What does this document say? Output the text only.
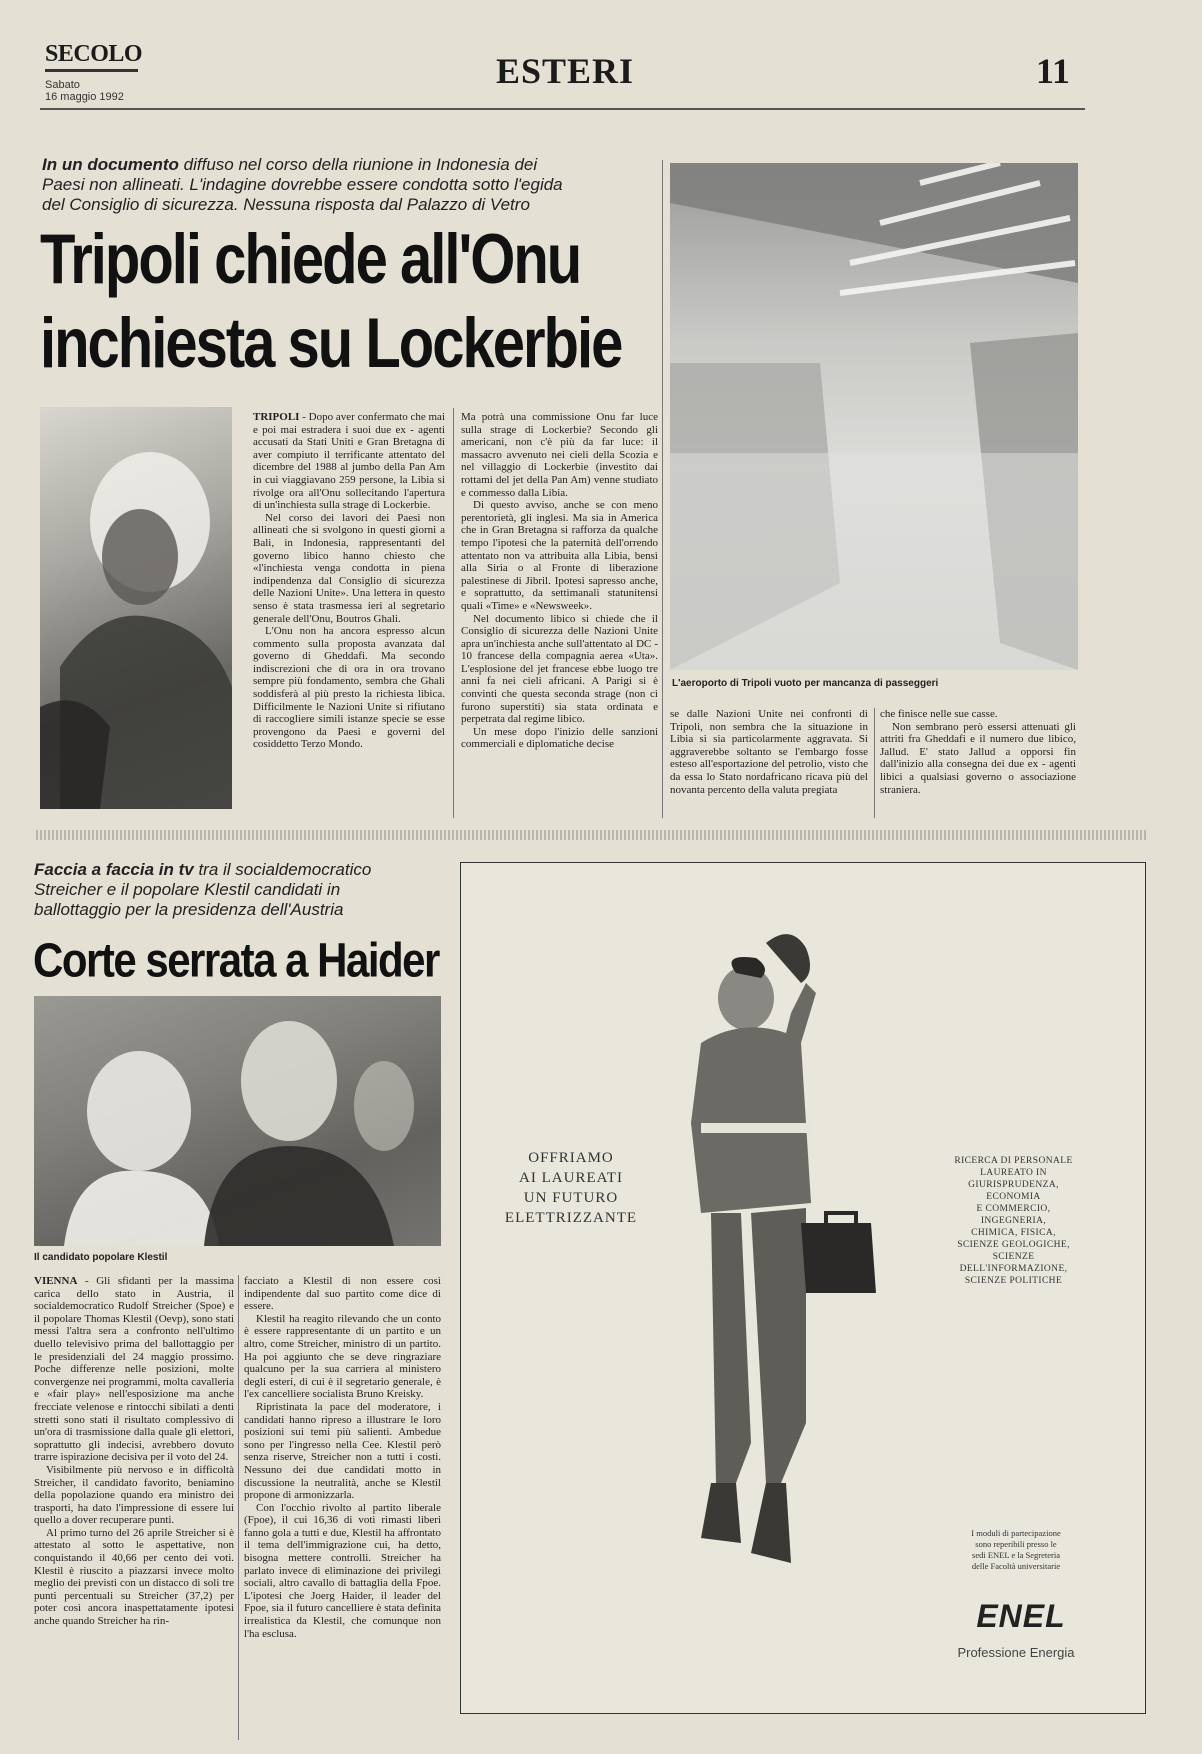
SECOLO
Sabato
16 maggio 1992
ESTERI	11
In un documento diffuso nel corso della riunione in Indonesia dei Paesi non allineati. L'indagine dovrebbe essere condotta sotto l'egida del Consiglio di sicurezza. Nessuna risposta dal Palazzo di Vetro
Tripoli chiede all'Onu
inchiesta su Lockerbie

TRIPOLI - Dopo aver confermato che mai e poi mai estradera i suoi due ex - agenti accusati da Stati Uniti e Gran Bretagna di aver compiuto il terrificante attentato del dicembre del 1988 al jumbo della Pan Am in cui viaggiavano 259 persone, la Libia si rivolge ora all'Onu sollecitando l'apertura di un'inchiesta sulla strage di Lockerbie.

Nel corso dei lavori dei Paesi non allineati che si svolgono in questi giorni a Bali, in Indonesia, rappresentanti del governo libico hanno chiesto che «l'inchiesta venga condotta in piena indipendenza dal Consiglio di sicurezza delle Nazioni Unite». Una lettera in questo senso è stata trasmessa ieri al segretario generale dell'Onu, Boutros Ghali.

L'Onu non ha ancora espresso alcun commento sulla proposta avanzata dal governo di Gheddafi. Ma secondo indiscrezioni che di ora in ora trovano sempre più fondamento, sembra che Ghali soddisferà al più presto la richiesta libica. Difficilmente le Nazioni Unite si rifiutano di raccogliere simili istanze specie se esse provengono da Paesi e governi del cosiddetto Terzo Mondo.

Ma potrà una commissione Onu far luce sulla strage di Lockerbie? Secondo gli americani, non c'è più da far luce: il massacro avvenuto nei cieli della Scozia e nel villaggio di Lockerbie (investito dai rottami del jet della Pan Am) venne studiato e commesso dalla Libia.

Di questo avviso, anche se con meno perentorietà, gli inglesi. Ma sia in America che in Gran Bretagna si rafforza da qualche tempo l'ipotesi che la paternità dell'orrendo attentato non va attribuita alla Libia, bensì alla Siria o al Fronte di liberazione palestinese di Jibril. Ipotesi sapresso anche, e soprattutto, da settimanali statunitensi quali «Time» e «Newsweek».

Nel documento libico si chiede che il Consiglio di sicurezza delle Nazioni Unite apra un'inchiesta anche sull'attentato al DC - 10 francese della compagnia aerea «Uta». L'esplosione del jet francese ebbe luogo tre anni fa nei cieli africani. A Parigi si è convinti che questa seconda strage (non ci furono superstiti) sia stata ordinata e perpetrata dal regime libico.

Un mese dopo l'inizio delle sanzioni commerciali e diplomatiche decise

L'aeroporto di Tripoli vuoto per mancanza di passeggeri

se dalle Nazioni Unite nei confronti di Tripoli, non sembra che la situazione in Libia si sia particolarmente aggravata. Si aggraverebbe soltanto se l'embargo fosse esteso all'esportazione del petrolio, visto che da essa lo Stato nordafricano ricava più del novanta percento della valuta pregiata

che finisce nelle sue casse.

Non sembrano però essersi attenuati gli attriti fra Gheddafi e il numero due libico, Jallud. E' stato Jallud a opporsi fin dall'inizio alla consegna dei due ex - agenti libici a qualsiasi governo o associazione straniera.

Faccia a faccia in tv tra il socialdemocratico Streicher e il popolare Klestil candidati in ballottaggio per la presidenza dell'Austria
Corte serrata a Haider
Il candidato popolare Klestil

VIENNA - Gli sfidanti per la massima carica dello stato in Austria, il socialdemocratico Rudolf Streicher (Spoe) e il popolare Thomas Klestil (Oevp), sono stati messi l'altra sera a confronto nell'ultimo duello televisivo prima del ballottaggio per le presidenziali del 24 maggio prossimo. Poche differenze nelle posizioni, molte convergenze nei programmi, molta cavalleria e «fair play» nell'esposizione ma anche frecciate velenose e rintocchi sibilati a denti stretti sono stati il risultato complessivo di un'ora di trasmissione dalla quale gli elettori, soprattutto gli indecisi, avrebbero dovuto trarre ispirazione decisiva per il voto del 24.

Visibilmente più nervoso e in difficoltà Streicher, il candidato favorito, beniamino della popolazione quando era ministro dei trasporti, ha dato l'impressione di essere lui quello a dover recuperare punti.

Al primo turno del 26 aprile Streicher si è attestato al sotto le aspettative, non conquistando il 40,66 per cento dei voti. Klestil è riuscito a piazzarsi invece molto meglio dei previsti con un distacco di soli tre punti percentuali su Streicher (37,2) per poter così ancora inaspettatamente ipotesi anche quando Streicher ha rin-

facciato a Klestil di non essere così indipendente dal suo partito come dice di essere.

Klestil ha reagito rilevando che un conto è essere rappresentante di un partito e un altro, come Streicher, ministro di un partito. Ha poi aggiunto che se deve ringraziare qualcuno per la sua carriera al ministero degli esteri, di cui è il segretario generale, è l'ex cancelliere socialista Bruno Kreisky.

Ripristinata la pace del moderatore, i candidati hanno ripreso a illustrare le loro posizioni sui temi più salienti. Ambedue sono per l'ingresso nella Cee. Klestil però senza riserve, Streicher non a tutti i costi. Nessuno dei due candidati motto in discussione la neutralità, anche se Klestil propone di armonizzarla.

Con l'occhio rivolto al partito liberale (Fpoe), il cui 16,36 di voti rimasti liberi fanno gola a tutti e due, Klestil ha affrontato il tema dell'immigrazione cui, ha detto, bisogna mettere controlli. Streicher ha parlato invece di eliminazione dei privilegi sociali, altro cavallo di battaglia della Fpoe. L'ipotesi che Joerg Haider, il leader del Fpoe, sia il futuro cancelliere è stata definita irrealistica da Klestil, che comunque non l'ha esclusa.

OFFRIAMO
AI LAUREATI
UN FUTURO
ELETTRIZZANTE
RICERCA DI PERSONALE
LAUREATO IN
GIURISPRUDENZA,
ECONOMIA
E COMMERCIO,
INGEGNERIA,
CHIMICA, FISICA,
SCIENZE GEOLOGICHE,
SCIENZE
DELL'INFORMAZIONE,
SCIENZE POLITICHE
I moduli di partecipazione
sono reperibili presso le
sedi ENEL e la Segreteria
delle Facoltà universitarie
ENEL
Professione Energia
